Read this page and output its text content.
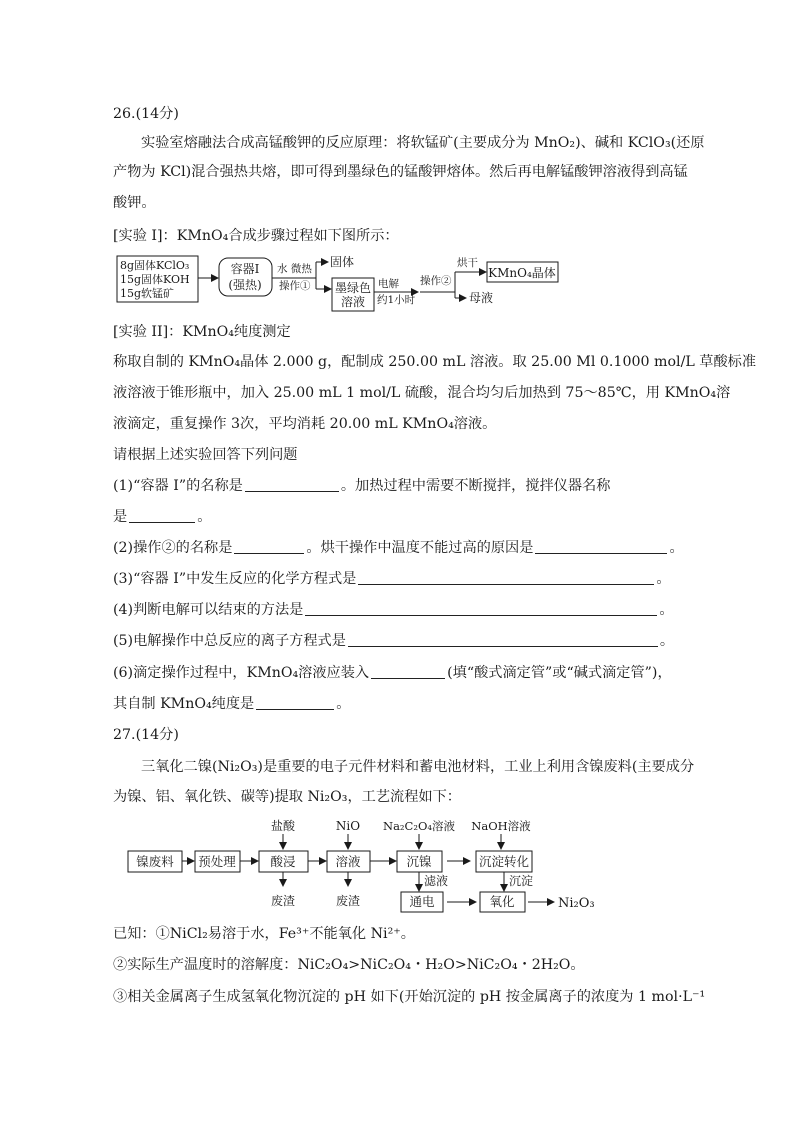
26.(14分)
实验室熔融法合成高锰酸钾的反应原理：将软锰矿(主要成分为 MnO₂)、碱和 KClO₃(还原
产物为 KCl)混合强热共熔，即可得到墨绿色的锰酸钾熔体。然后再电解锰酸钾溶液得到高锰
酸钾。
[实验 I]：KMnO₄合成步骤过程如下图所示：
8g固体KClO₃
15g固体KOH
15g软锰矿
容器I
(强热)
水 微热
操作①
固体
墨绿色
溶液
电解
约1小时
操作②
烘干
母液
KMnO₄晶体
镍废料 预处理	酸浸	溶液	沉镍	沉淀转化
盐酸	NiO Na₂C₂O₄溶液 NaOH溶液
废渣	废渣
滤液	沉淀
通电	氧化	Ni₂O₃
[实验 II]：KMnO₄纯度测定
称取自制的 KMnO₄晶体 2.000 g，配制成 250.00 mL 溶液。取 25.00 Ml 0.1000 mol/L 草酸标准
液溶液于锥形瓶中，加入 25.00 mL 1 mol/L 硫酸，混合均匀后加热到 75～85℃，用 KMnO₄溶
液滴定，重复操作 3次，平均消耗 20.00 mL KMnO₄溶液。
请根据上述实验回答下列问题
(1)“容器 I”的名称是	。加热过程中需要不断搅拌，搅拌仪器名称
是	。
(2)操作②的名称是	。烘干操作中温度不能过高的原因是	。
(3)“容器 I”中发生反应的化学方程式是	。
(4)判断电解可以结束的方法是	。
(5)电解操作中总反应的离子方程式是	。
(6)滴定操作过程中，KMnO₄溶液应装入	(填“酸式滴定管”或“碱式滴定管”)，
其自制 KMnO₄纯度是	。
27.(14分)
三氧化二镍(Ni₂O₃)是重要的电子元件材料和蓄电池材料，工业上利用含镍废料(主要成分
为镍、铝、氧化铁、碳等)提取 Ni₂O₃，工艺流程如下：
已知：①NiCl₂易溶于水，Fe³⁺不能氧化 Ni²⁺。
②实际生产温度时的溶解度：NiC₂O₄>NiC₂O₄・H₂O>NiC₂O₄・2H₂O。
③相关金属离子生成氢氧化物沉淀的 pH 如下(开始沉淀的 pH 按金属离子的浓度为 1 mol·L⁻¹
